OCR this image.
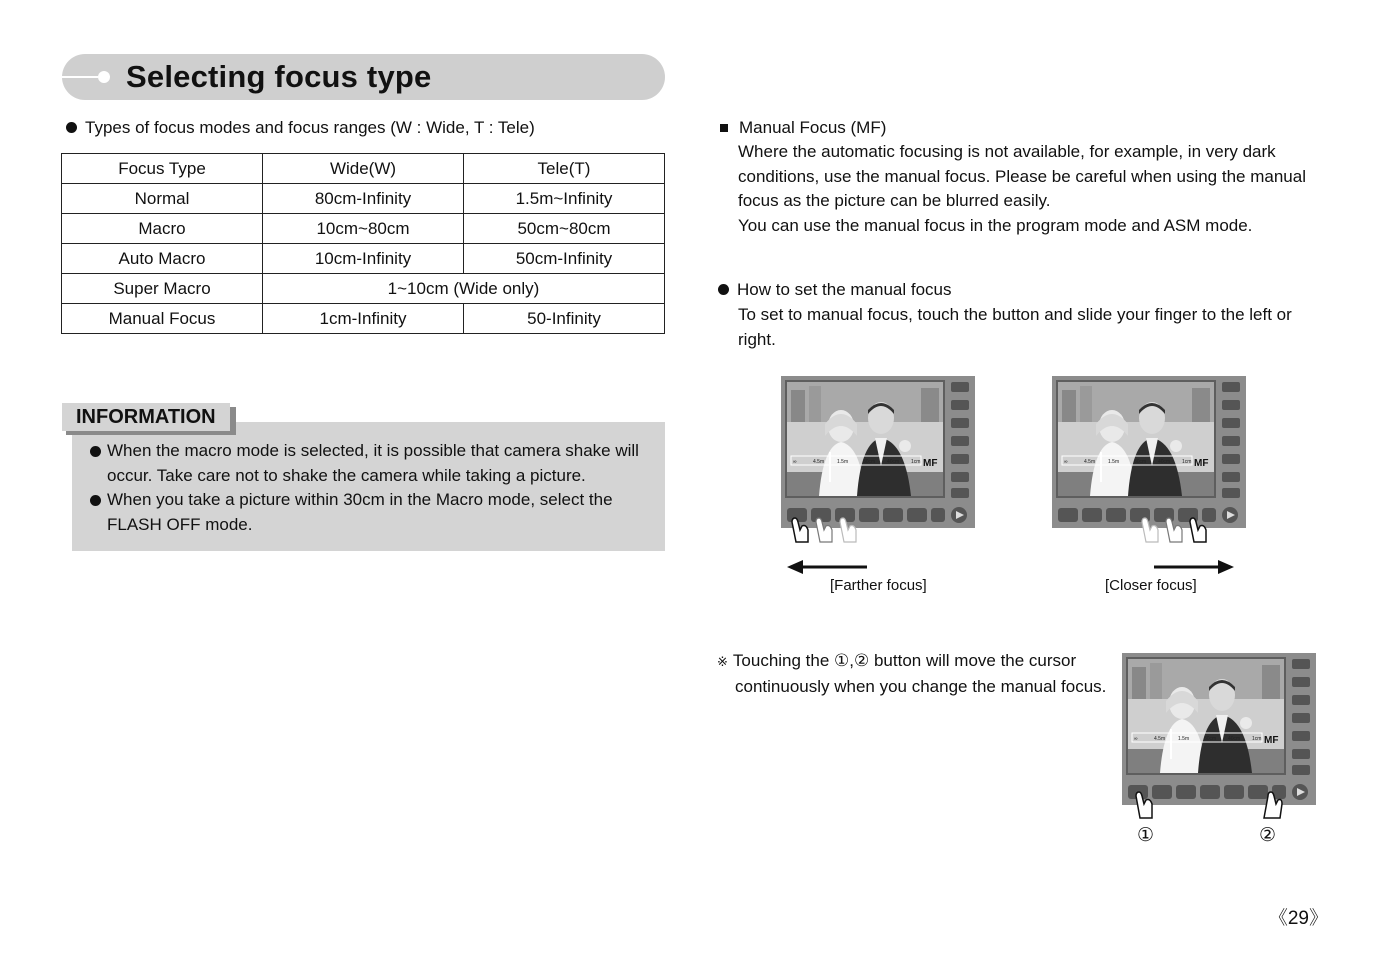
Selecting focus type
Types of focus modes and focus ranges (W : Wide, T : Tele)
Focus Type	Wide(W)	Tele(T)
Normal	80cm-Infinity	1.5m~Infinity
Macro	10cm~80cm	50cm~80cm
Auto Macro	10cm-Infinity	50cm-Infinity
Super Macro	1~10cm (Wide only)	
Manual Focus	1cm-Infinity	50-Infinity
INFORMATION
When the macro mode is selected, it is possible that camera shake will occur. Take care not to shake the camera while taking a picture.
When you take a picture within 30cm in the Macro mode, select the FLASH OFF mode.
Manual Focus (MF)
Where the automatic focusing is not available, for example, in very dark
conditions, use the manual focus. Please be careful when using the manual
focus as the picture can be blurred easily.
You can use the manual focus in the program mode and ASM mode.
How to set the manual focus
To set to manual focus, touch the button and slide your finger to the left or
right.
∞	4.5m	1.5m	80cm 40cm 1cm MF	∞	4.5m	1.5m	80cm 40cm 1cm MF
∞	4.5m	1.5m	80cm 40cm 1cm MF
[Farther focus]	[Closer focus]
※ Touching the ①,② button will move the cursor
continuously when you change the manual focus.
①	②
《29》
